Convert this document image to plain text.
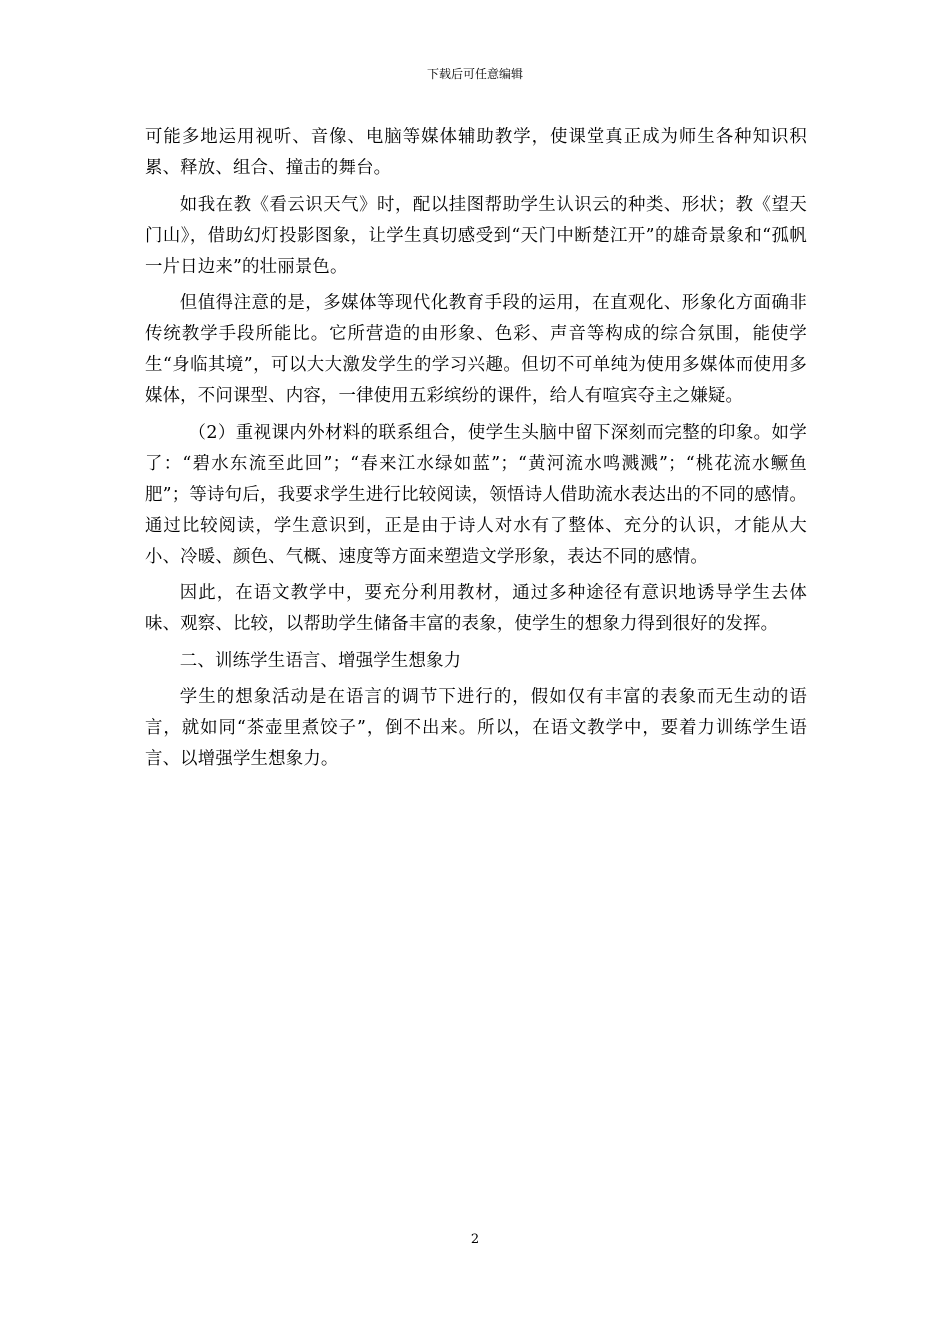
下载后可任意编辑

可能多地运用视听、音像、电脑等媒体辅助教学，使课堂真正成为师生各种知识积累、释放、组合、撞击的舞台。

如我在教《看云识天气》时，配以挂图帮助学生认识云的种类、形状；教《望天门山》，借助幻灯投影图象，让学生真切感受到“天门中断楚江开”的雄奇景象和“孤帆一片日边来”的壮丽景色。

但值得注意的是，多媒体等现代化教育手段的运用，在直观化、形象化方面确非传统教学手段所能比。它所营造的由形象、色彩、声音等构成的综合氛围，能使学生“身临其境”，可以大大激发学生的学习兴趣。但切不可单纯为使用多媒体而使用多媒体，不问课型、内容，一律使用五彩缤纷的课件，给人有喧宾夺主之嫌疑。

（2）重视课内外材料的联系组合，使学生头脑中留下深刻而完整的印象。如学了：“碧水东流至此回”；“春来江水绿如蓝”；“黄河流水鸣溅溅”；“桃花流水鳜鱼肥”；等诗句后，我要求学生进行比较阅读，领悟诗人借助流水表达出的不同的感情。通过比较阅读，学生意识到，正是由于诗人对水有了整体、充分的认识，才能从大小、冷暖、颜色、气概、速度等方面来塑造文学形象，表达不同的感情。

因此，在语文教学中，要充分利用教材，通过多种途径有意识地诱导学生去体味、观察、比较，以帮助学生储备丰富的表象，使学生的想象力得到很好的发挥。

二、训练学生语言、增强学生想象力

学生的想象活动是在语言的调节下进行的，假如仅有丰富的表象而无生动的语言，就如同“茶壶里煮饺子”，倒不出来。所以，在语文教学中，要着力训练学生语言、以增强学生想象力。

2
